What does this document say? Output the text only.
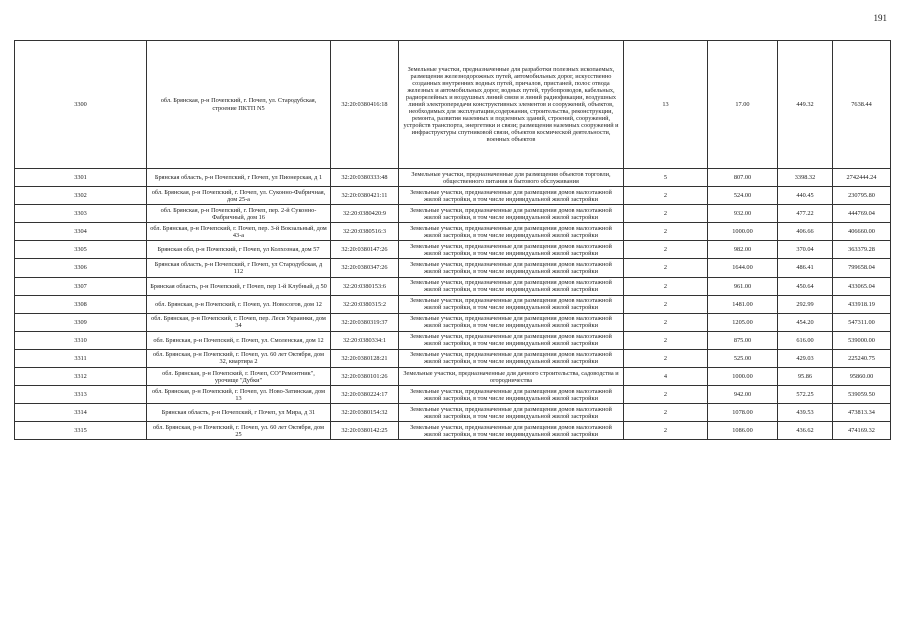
191
3300	обл. Брянская, р-н Почепский, г. Почеп, ул. Стародубская, строение ПКТП N5	32:20:0380416:18	Земельные участки, предназначенные для разработки полезных ископаемых, размещения железнодорожных путей, автомобильных дорог, искусственно созданных внутренних водных путей, причалов, пристаней, полос отвода железных и автомобильных дорог, водных путей, трубопроводов, кабельных, радиорелейных и воздушных линий связи и линий радиофикации, воздушных линий электропередачи конструктивных элементов и сооружений, объектов, необходимых для эксплуатации,содержания, строительства, реконструкции, ремонта, развития наземных и подземных зданий, строений, сооружений, устройств транспорта, энергетики и связи; размещения наземных сооружений и инфраструктуры спутниковой связи, объектов космической деятельности, военных объектов	13	17.00	449.32	7638.44
3301	Брянская область, р-н Почепский, г Почеп, ул Пионерская, д 1	32:20:0380333:48	Земельные участки, предназначенные для размещения объектов торговли, общественного питания и бытового обслуживания	5	807.00	3398.32	2742444.24
3302	обл. Брянская, р-н Почепский, г. Почеп, ул. Суконно-Фабричная, дом 25-а	32:20:0380421:11	Земельные участки, предназначенные для размещения домов малоэтажной жилой застройки, в том числе индивидуальной жилой застройки	2	524.00	440.45	230795.80
3303	обл. Брянская, р-н Почепский, г. Почеп, пер. 2-й Суконно-Фабричный, дом 16	32:20:0380420:9	Земельные участки, предназначенные для размещения домов малоэтажной жилой застройки, в том числе индивидуальной жилой застройки	2	932.00	477.22	444769.04
3304	обл. Брянская, р-н Почепский, г. Почеп, пер. 3-й Вокзальный, дом 43-а	32:20:0380516:3	Земельные участки, предназначенные для размещения домов малоэтажной жилой застройки, в том числе индивидуальной жилой застройки	2	1000.00	406.66	406660.00
3305	Брянская обл, р-н Почепский, г Почеп, ул Колхозная, дом 57	32:20:0380147:26	Земельные участки, предназначенные для размещения домов малоэтажной жилой застройки, в том числе индивидуальной жилой застройки	2	982.00	370.04	363379.28
3306	Брянская область, р-н Почепский, г Почеп, ул Стародубская, д 112	32:20:0380347:26	Земельные участки, предназначенные для размещения домов малоэтажной жилой застройки, в том числе индивидуальной жилой застройки	2	1644.00	486.41	799658.04
3307	Брянская область, р-н Почепский, г Почеп, пер 1-й Клубный, д 50	32:20:0380153:6	Земельные участки, предназначенные для размещения домов малоэтажной жилой застройки, в том числе индивидуальной жилой застройки	2	961.00	450.64	433065.04
3308	обл. Брянская, р-н Почепский, г. Почеп, ул. Новосогов, дом 12	32:20:0380315:2	Земельные участки, предназначенные для размещения домов малоэтажной жилой застройки, в том числе индивидуальной жилой застройки	2	1481.00	292.99	433918.19
3309	обл. Брянская, р-н Почепский, г. Почеп, пер. Леси Украинки, дом 34	32:20:0380319:37	Земельные участки, предназначенные для размещения домов малоэтажной жилой застройки, в том числе индивидуальной жилой застройки	2	1205.00	454.20	547311.00
3310	обл. Брянская, р-н Почепский, г. Почеп, ул. Смоленская, дом 12	32:20:0380334:1	Земельные участки, предназначенные для размещения домов малоэтажной жилой застройки, в том числе индивидуальной жилой застройки	2	875.00	616.00	539000.00
3311	обл. Брянская, р-н Почепский, г. Почеп, ул. 60 лет Октября, дом 32, квартира 2	32:20:0380128:21	Земельные участки, предназначенные для размещения домов малоэтажной жилой застройки, в том числе индивидуальной жилой застройки	2	525.00	429.03	225240.75
3312	обл. Брянская, р-н Почепский, г. Почеп, СО"Ремонтник", урочище "Дубки"	32:20:0380101:26	Земельные участки, предназначенные для дачного строительства, садоводства и огородничества	4	1000.00	95.86	95860.00
3313	обл. Брянская, р-н Почепский, г. Почеп, ул. Ново-Затинская, дом 13	32:20:0380224:17	Земельные участки, предназначенные для размещения домов малоэтажной жилой застройки, в том числе индивидуальной жилой застройки	2	942.00	572.25	539059.50
3314	Брянская область, р-н Почепский, г Почеп, ул Мира, д 31	32:20:0380154:32	Земельные участки, предназначенные для размещения домов малоэтажной жилой застройки, в том числе индивидуальной жилой застройки	2	1078.00	439.53	473813.34
3315	обл. Брянская, р-н Почепский, г. Почеп, ул. 60 лет Октября, дом 25	32:20:0380142:25	Земельные участки, предназначенные для размещения домов малоэтажной жилой застройки, в том числе индивидуальной жилой застройки	2	1086.00	436.62	474169.32
